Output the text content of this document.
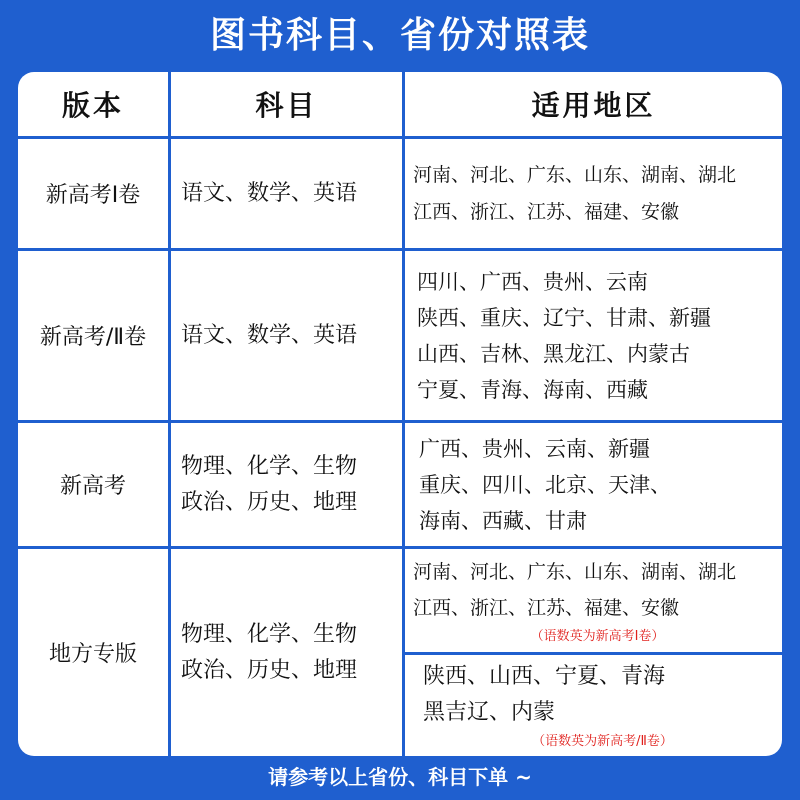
图书科目、省份对照表
版本	科目	适用地区
新高考Ⅰ卷 语文、数学、英语
河南、河北、广东、山东、湖南、湖北
江西、浙江、江苏、福建、安徽
新高考/Ⅱ卷 语文、数学、英语
四川、广西、贵州、云南
陕西、重庆、辽宁、甘肃、新疆
山西、吉林、黑龙江、内蒙古
宁夏、青海、海南、西藏
新高考
物理、化学、生物
政治、历史、地理
广西、贵州、云南、新疆
重庆、四川、北京、天津、
海南、西藏、甘肃
地方专版
物理、化学、生物
政治、历史、地理
河南、河北、广东、山东、湖南、湖北
江西、浙江、江苏、福建、安徽
（语数英为新高考Ⅰ卷）
陕西、山西、宁夏、青海
黑吉辽、内蒙
（语数英为新高考/Ⅱ卷）
请参考以上省份、科目下单 ~
